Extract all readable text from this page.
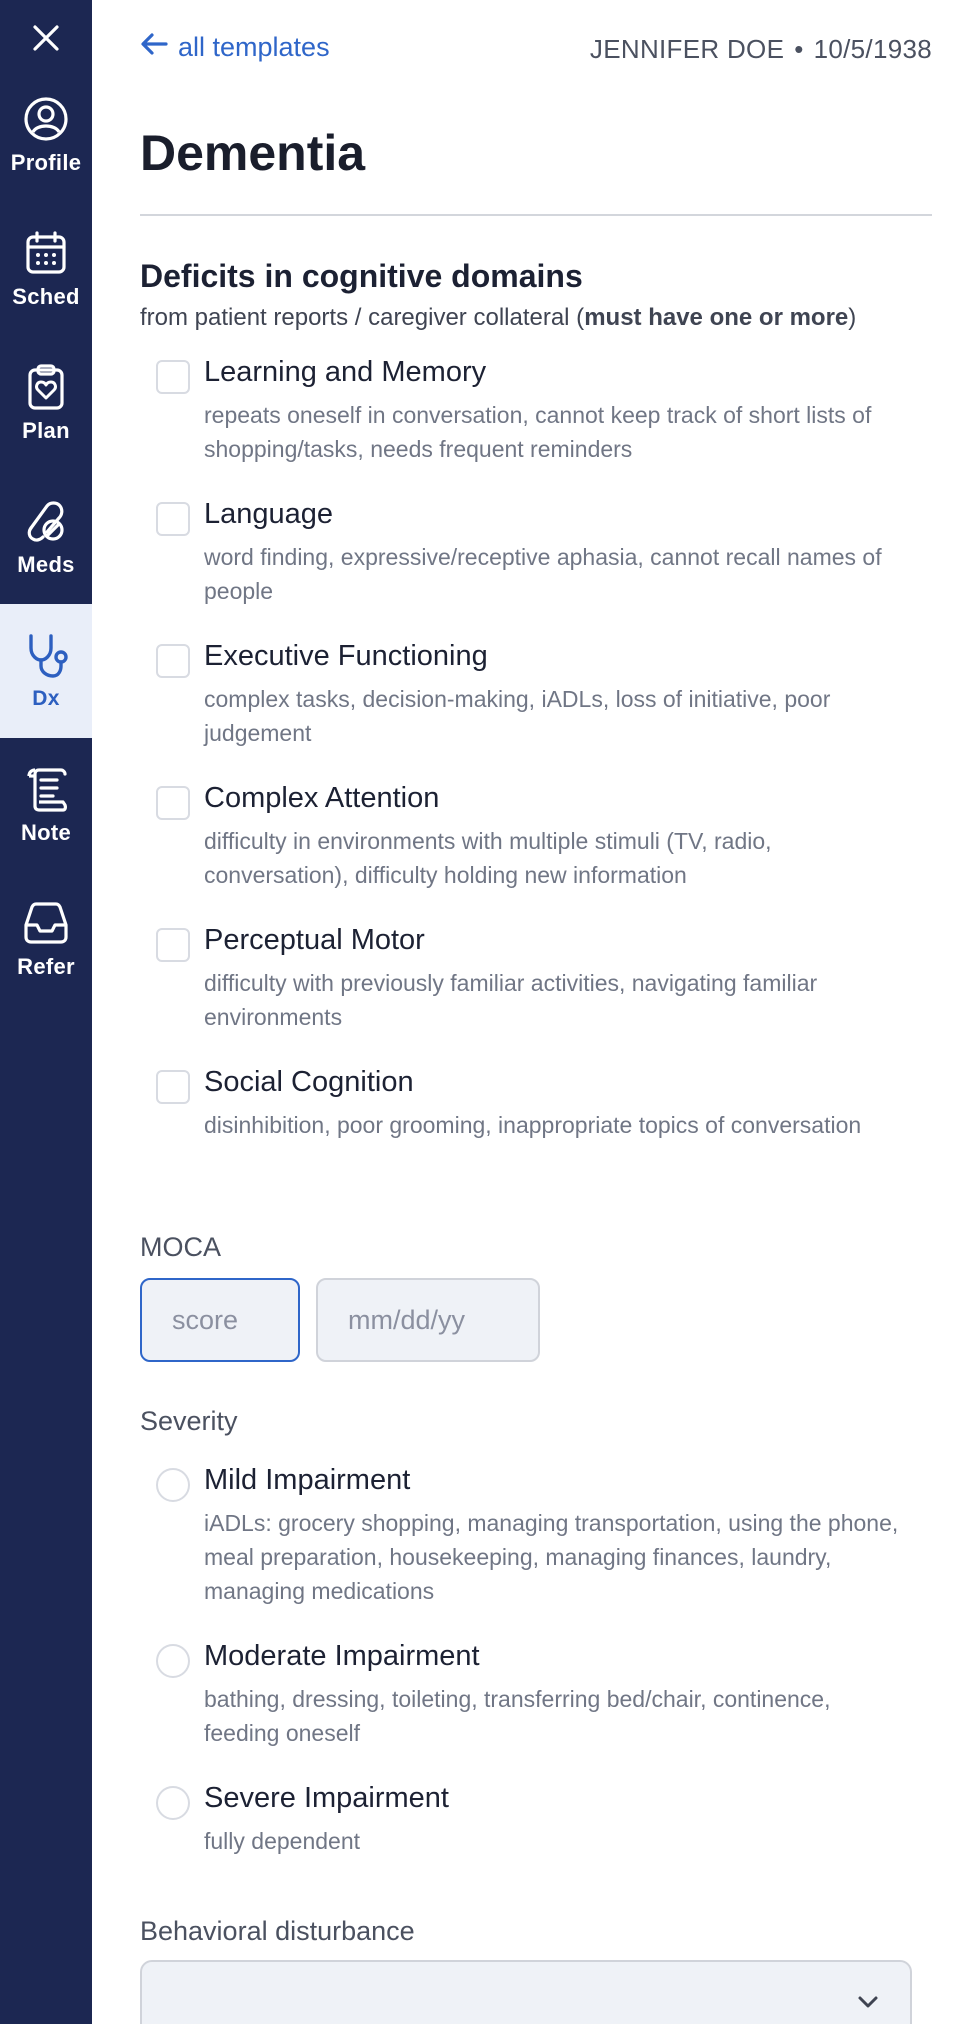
Profile
Sched
Plan
Meds
Dx
Note
Refer
all templates	JENNIFER DOE • 10/5/1938
Dementia
Deficits in cognitive domains
from patient reports / caregiver collateral (must have one or more)
Learning and Memory
repeats oneself in conversation, cannot keep track of short lists of shopping/tasks, needs frequent reminders
Language
word finding, expressive/receptive aphasia, cannot recall names of people
Executive Functioning
complex tasks, decision-making, iADLs, loss of initiative, poor judgement
Complex Attention
difficulty in environments with multiple stimuli (TV, radio, conversation), difficulty holding new information
Perceptual Motor
difficulty with previously familiar activities, navigating familiar environments
Social Cognition
disinhibition, poor grooming, inappropriate topics of conversation
MOCA
score
mm/dd/yy
Severity
Mild Impairment
iADLs: grocery shopping, managing transportation, using the phone, meal preparation, housekeeping, managing finances, laundry, managing medications
Moderate Impairment
bathing, dressing, toileting, transferring bed/chair, continence, feeding oneself
Severe Impairment
fully dependent
Behavioral disturbance
